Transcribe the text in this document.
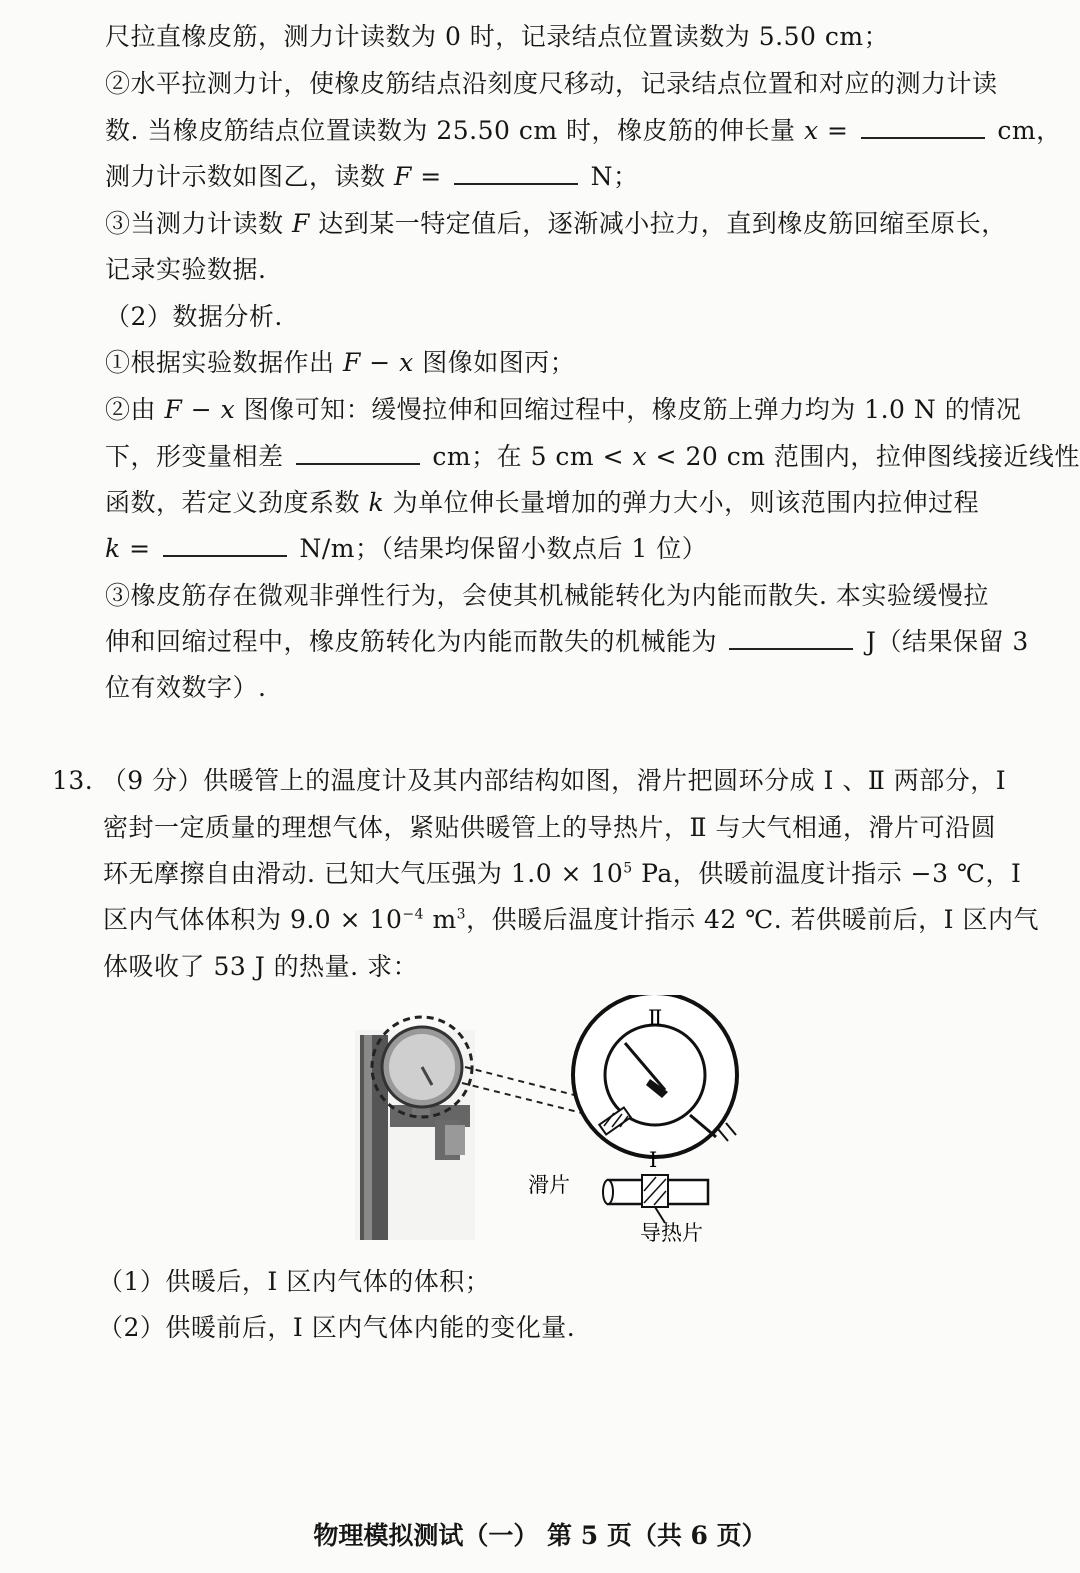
尺拉直橡皮筋，测力计读数为 0 时，记录结点位置读数为 5.50 cm；
②水平拉测力计，使橡皮筋结点沿刻度尺移动，记录结点位置和对应的测力计读
数. 当橡皮筋结点位置读数为 25.50 cm 时，橡皮筋的伸长量 x =	cm，
测力计示数如图乙，读数 F =	N；
③当测力计读数 F 达到某一特定值后，逐渐减小拉力，直到橡皮筋回缩至原长，
记录实验数据.
（2）数据分析.
①根据实验数据作出 F − x 图像如图丙；
②由 F − x 图像可知：缓慢拉伸和回缩过程中，橡皮筋上弹力均为 1.0 N 的情况
下，形变量相差	cm；在 5 cm < x < 20 cm 范围内，拉伸图线接近线性
函数，若定义劲度系数 k 为单位伸长量增加的弹力大小，则该范围内拉伸过程
k =	N/m；（结果均保留小数点后 1 位）
③橡皮筋存在微观非弹性行为，会使其机械能转化为内能而散失. 本实验缓慢拉
伸和回缩过程中，橡皮筋转化为内能而散失的机械能为	J（结果保留 3
位有效数字）.
13. （9 分）供暖管上的温度计及其内部结构如图，滑片把圆环分成 Ⅰ 、Ⅱ 两部分，Ⅰ
密封一定质量的理想气体，紧贴供暖管上的导热片，Ⅱ 与大气相通，滑片可沿圆
环无摩擦自由滑动. 已知大气压强为 $1.0 \times 10^5$ Pa，供暖前温度计指示 −3 ℃，Ⅰ
区内气体体积为 $9.0 \times 10^{-4}$ $m^3$，供暖后温度计指示 42 ℃. 若供暖前后，Ⅰ 区内气
体吸收了 53 J 的热量. 求：
Ⅱ
Ⅰ
滑片
导热片
（1）供暖后，Ⅰ 区内气体的体积；
（2）供暖前后，Ⅰ 区内气体内能的变化量.
物理模拟测试（一） 第 5 页（共 6 页）
